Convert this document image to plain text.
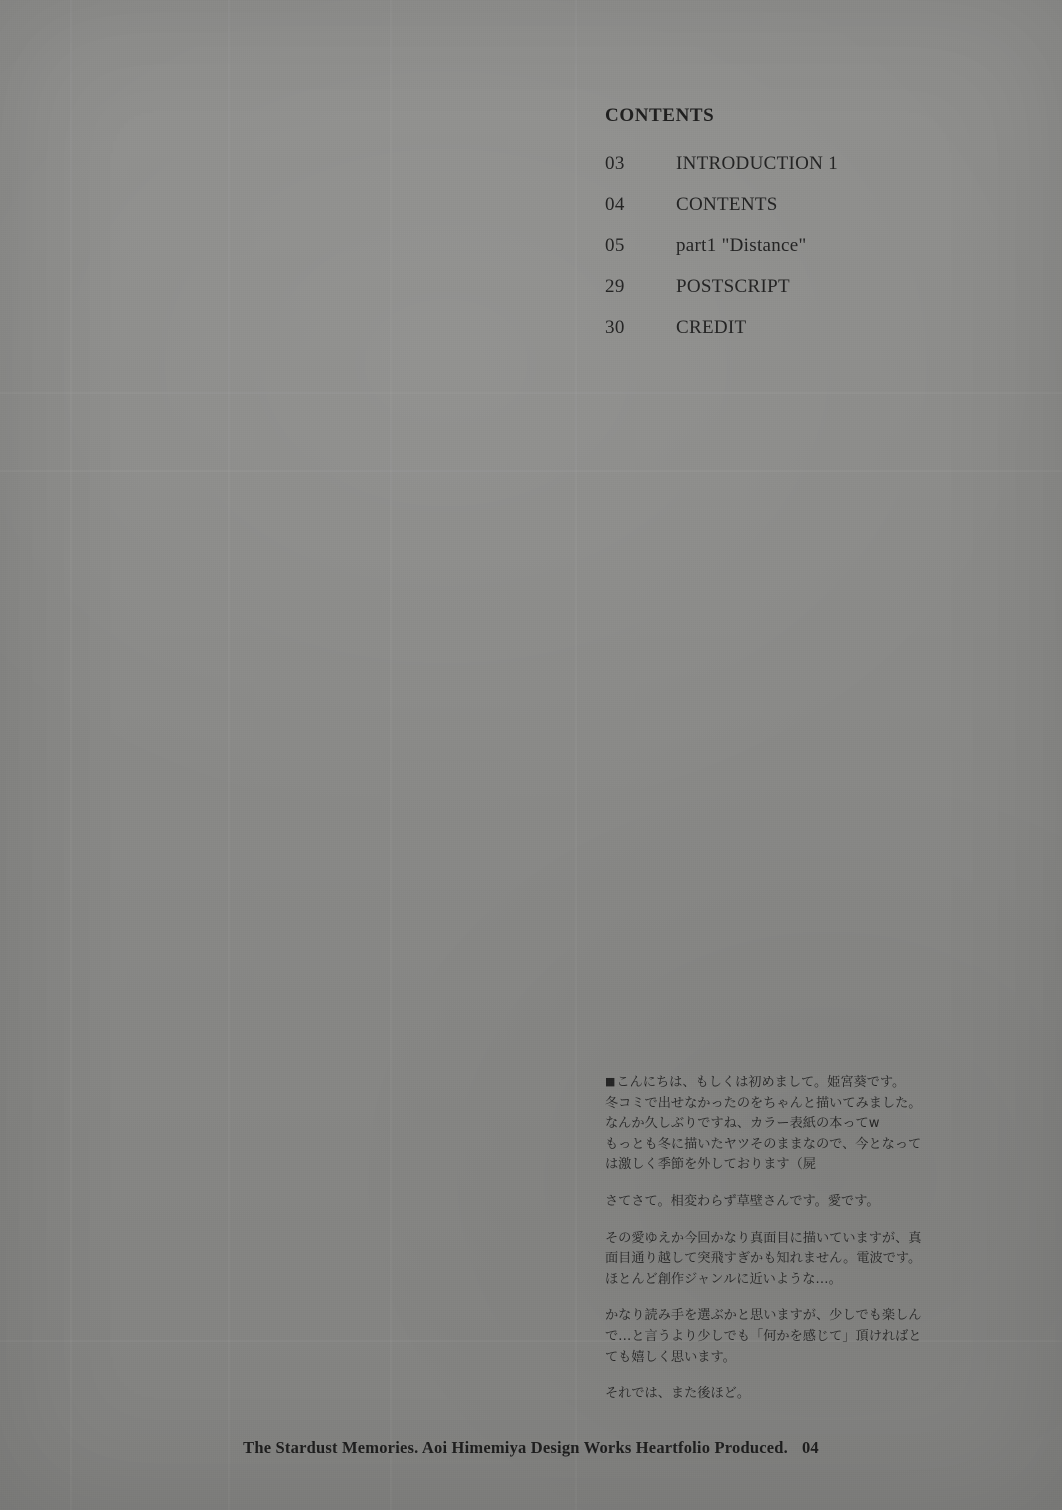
CONTENTS
03	INTRODUCTION 1
04	CONTENTS
05	part1 "Distance"
29	POSTSCRIPT
30	CREDIT

■こんにちは、もしくは初めまして。姫宮葵です。
冬コミで出せなかったのをちゃんと描いてみました。
なんか久しぶりですね、カラー表紙の本ってw
もっとも冬に描いたヤツそのままなので、今となって
は激しく季節を外しております（屍

さてさて。相変わらず草壁さんです。愛です。

その愛ゆえか今回かなり真面目に描いていますが、真
面目通り越して突飛すぎかも知れません。電波です。
ほとんど創作ジャンルに近いような…。

かなり読み手を選ぶかと思いますが、少しでも楽しん
で…と言うより少しでも「何かを感じて」頂ければと
ても嬉しく思います。

それでは、また後ほど。

The Stardust Memories. Aoi Himemiya Design Works Heartfolio Produced. 04
